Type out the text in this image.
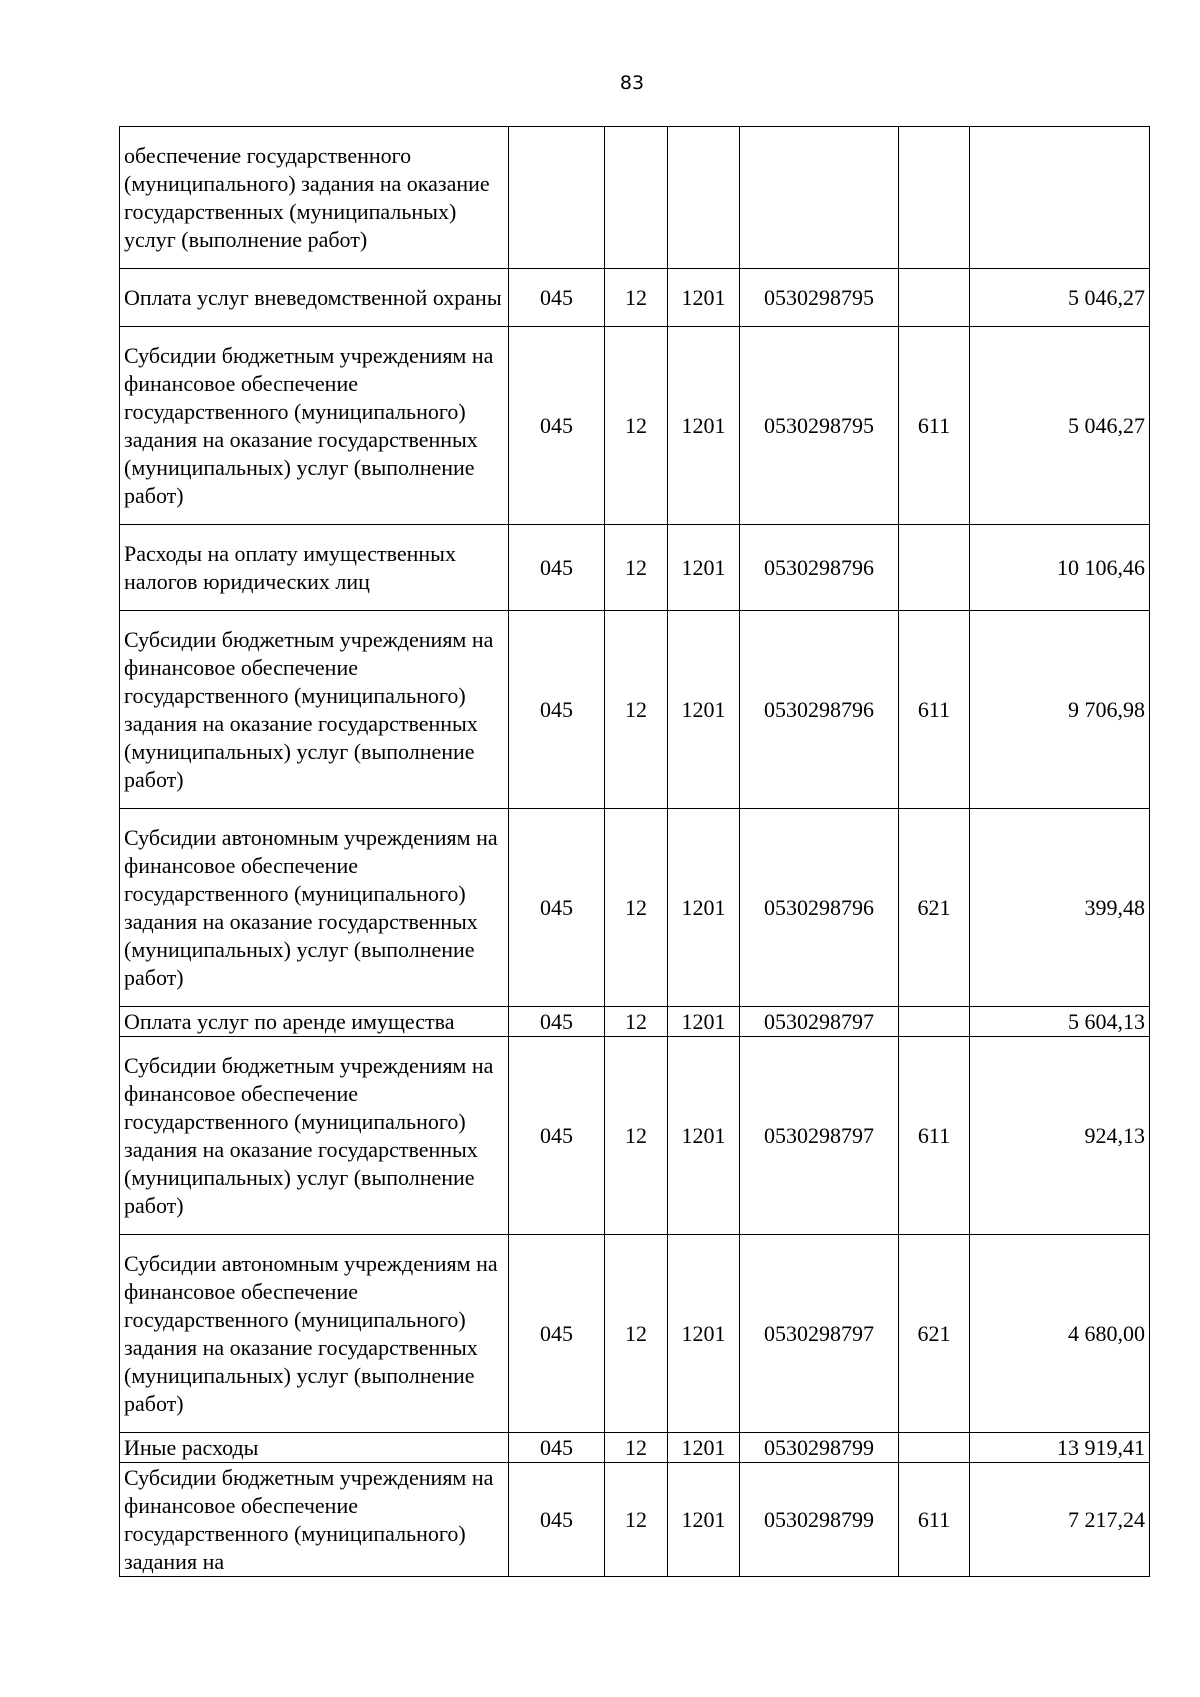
83
обеспечение государственного (муниципального) задания на оказание государственных (муниципальных) услуг (выполнение работ)						
Оплата услуг вневедомственной охраны	045	12	1201	0530298795		5 046,27
Субсидии бюджетным учреждениям на финансовое обеспечение государственного (муниципального) задания на оказание государственных (муниципальных) услуг (выполнение работ)	045	12	1201	0530298795	611	5 046,27
Расходы на оплату имущественных налогов юридических лиц	045	12	1201	0530298796		10 106,46
Субсидии бюджетным учреждениям на финансовое обеспечение государственного (муниципального) задания на оказание государственных (муниципальных) услуг (выполнение работ)	045	12	1201	0530298796	611	9 706,98
Субсидии автономным учреждениям на финансовое обеспечение государственного (муниципального) задания на оказание государственных (муниципальных) услуг (выполнение работ)	045	12	1201	0530298796	621	399,48
Оплата услуг по аренде имущества	045	12	1201	0530298797		5 604,13
Субсидии бюджетным учреждениям на финансовое обеспечение государственного (муниципального) задания на оказание государственных (муниципальных) услуг (выполнение работ)	045	12	1201	0530298797	611	924,13
Субсидии автономным учреждениям на финансовое обеспечение государственного (муниципального) задания на оказание государственных (муниципальных) услуг (выполнение работ)	045	12	1201	0530298797	621	4 680,00
Иные расходы	045	12	1201	0530298799		13 919,41
Субсидии бюджетным учреждениям на финансовое обеспечение государственного (муниципального) задания на	045	12	1201	0530298799	611	7 217,24
